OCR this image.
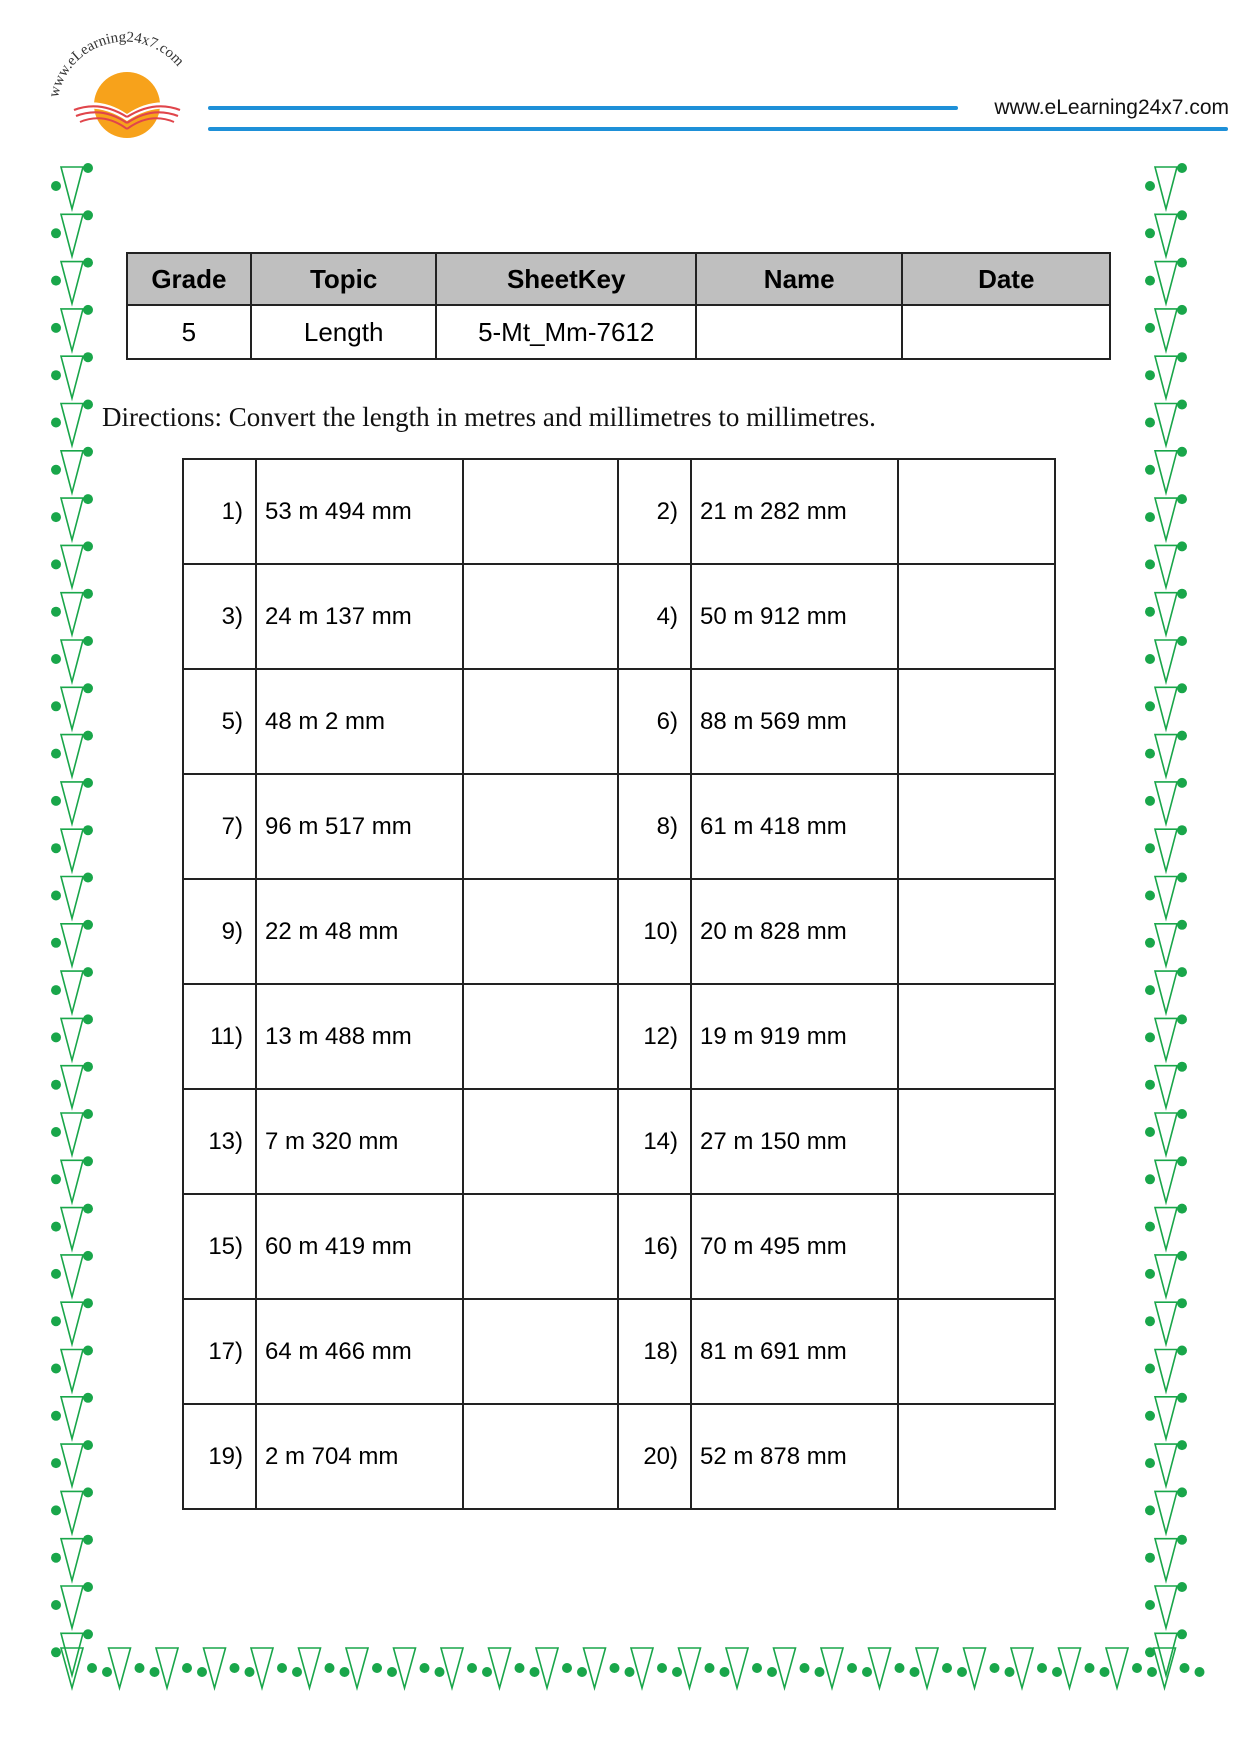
www.eLearning24x7.com
www.eLearning24x7.com
Grade	Topic	SheetKey	Name	Date
5	Length	5-Mt_Mm-7612		
Directions: Convert the length in metres and millimetres to millimetres.
1)	53 m 494 mm		2)	21 m 282 mm	
3)	24 m 137 mm		4)	50 m 912 mm	
5)	48 m 2 mm		6)	88 m 569 mm	
7)	96 m 517 mm		8)	61 m 418 mm	
9)	22 m 48 mm		10)	20 m 828 mm	
11)	13 m 488 mm		12)	19 m 919 mm	
13)	7 m 320 mm		14)	27 m 150 mm	
15)	60 m 419 mm		16)	70 m 495 mm	
17)	64 m 466 mm		18)	81 m 691 mm	
19)	2 m 704 mm		20)	52 m 878 mm	
